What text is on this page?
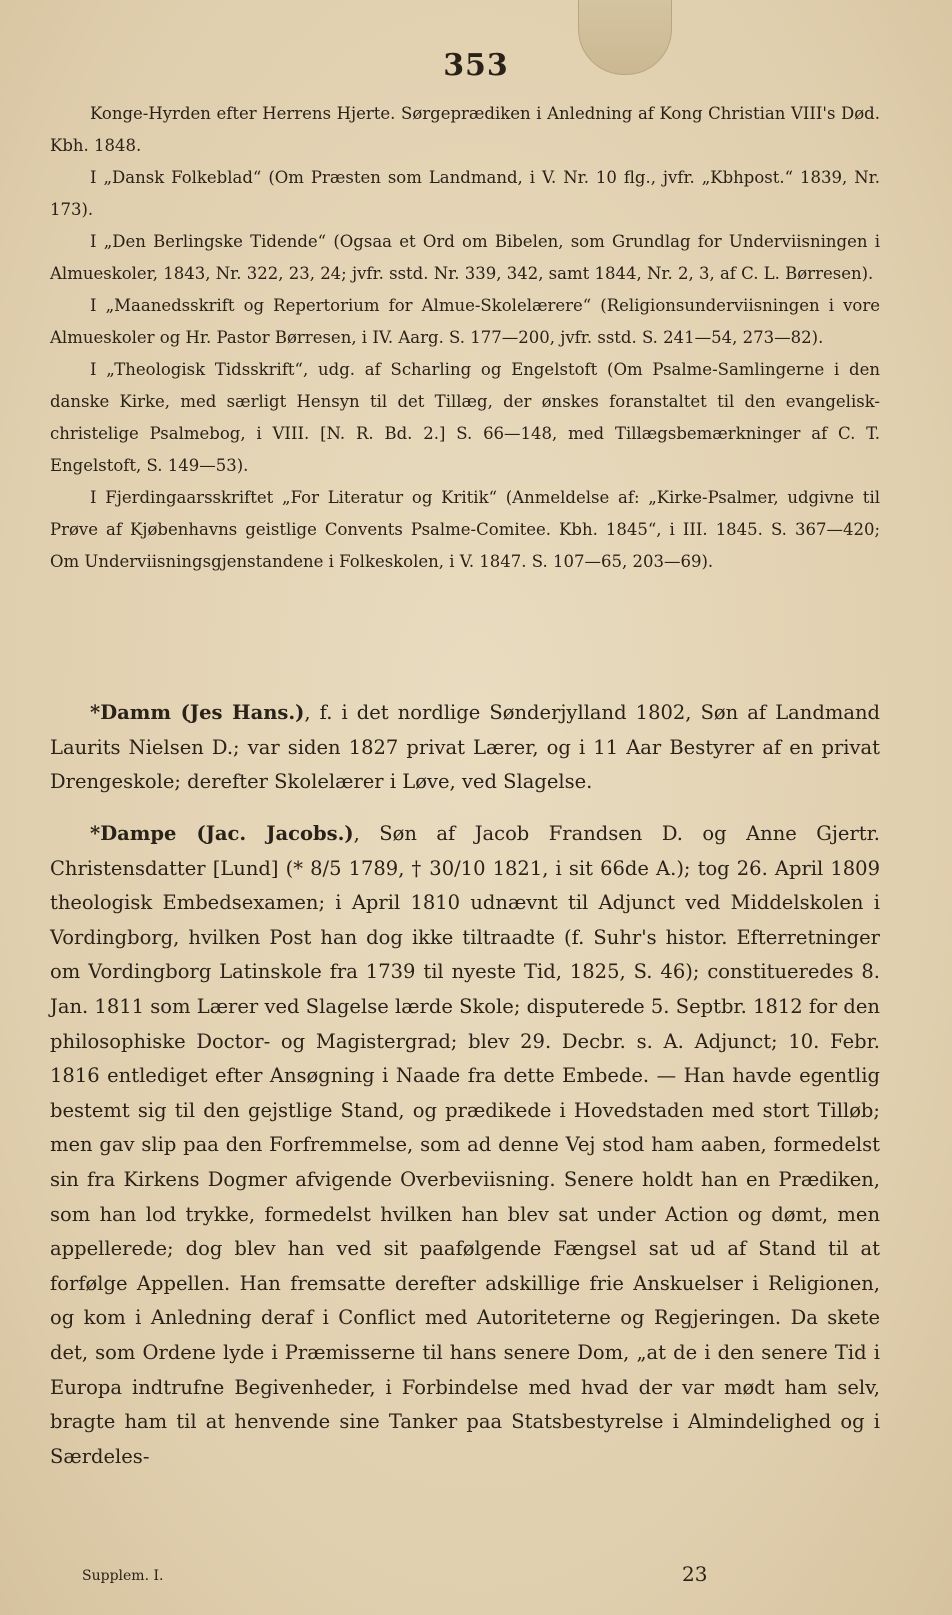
353

Konge-Hyrden efter Herrens Hjerte. Sørgeprædiken i Anledning af Kong Christian VIII's Død. Kbh. 1848.

I „Dansk Folkeblad“ (Om Præsten som Landmand, i V. Nr. 10 flg., jvfr. „Kbhpost.“ 1839, Nr. 173).

I „Den Berlingske Tidende“ (Ogsaa et Ord om Bibelen, som Grundlag for Underviisningen i Almueskoler, 1843, Nr. 322, 23, 24; jvfr. sstd. Nr. 339, 342, samt 1844, Nr. 2, 3, af C. L. Børresen).

I „Maanedsskrift og Repertorium for Almue-Skolelærere“ (Religionsunderviisningen i vore Almueskoler og Hr. Pastor Børresen, i IV. Aarg. S. 177—200, jvfr. sstd. S. 241—54, 273—82).

I „Theologisk Tidsskrift“, udg. af Scharling og Engelstoft (Om Psalme-Samlingerne i den danske Kirke, med særligt Hensyn til det Tillæg, der ønskes foranstaltet til den evangelisk-christelige Psalmebog, i VIII. [N. R. Bd. 2.] S. 66—148, med Tillægsbemærkninger af C. T. Engelstoft, S. 149—53).

I Fjerdingaarsskriftet „For Literatur og Kritik“ (Anmeldelse af: „Kirke-Psalmer, udgivne til Prøve af Kjøbenhavns geistlige Convents Psalme-Comitee. Kbh. 1845“, i III. 1845. S. 367—420; Om Underviisningsgjenstandene i Folkeskolen, i V. 1847. S. 107—65, 203—69).

*Damm (Jes Hans.), f. i det nordlige Sønderjylland 1802, Søn af Landmand Laurits Nielsen D.; var siden 1827 privat Lærer, og i 11 Aar Bestyrer af en privat Drengeskole; derefter Skolelærer i Løve, ved Slagelse.

*Dampe (Jac. Jacobs.), Søn af Jacob Frandsen D. og Anne Gjertr. Christensdatter [Lund] (* 8/5 1789, † 30/10 1821, i sit 66de A.); tog 26. April 1809 theologisk Embedsexamen; i April 1810 udnævnt til Adjunct ved Middelskolen i Vordingborg, hvilken Post han dog ikke tiltraadte (f. Suhr's histor. Efterretninger om Vordingborg Latinskole fra 1739 til nyeste Tid, 1825, S. 46); constitueredes 8. Jan. 1811 som Lærer ved Slagelse lærde Skole; disputerede 5. Septbr. 1812 for den philosophiske Doctor- og Magistergrad; blev 29. Decbr. s. A. Adjunct; 10. Febr. 1816 entlediget efter Ansøgning i Naade fra dette Embede. — Han havde egentlig bestemt sig til den gejstlige Stand, og prædikede i Hovedstaden med stort Tilløb; men gav slip paa den Forfremmelse, som ad denne Vej stod ham aaben, formedelst sin fra Kirkens Dogmer afvigende Overbeviisning. Senere holdt han en Prædiken, som han lod trykke, formedelst hvilken han blev sat under Action og dømt, men appellerede; dog blev han ved sit paafølgende Fængsel sat ud af Stand til at forfølge Appellen. Han fremsatte derefter adskillige frie Anskuelser i Religionen, og kom i Anledning deraf i Conflict med Autoriteterne og Regjeringen. Da skete det, som Ordene lyde i Præmisserne til hans senere Dom, „at de i den senere Tid i Europa indtrufne Begivenheder, i Forbindelse med hvad der var mødt ham selv, bragte ham til at henvende sine Tanker paa Statsbestyrelse i Almindelighed og i Særdeles-

Supplem. I.	23
